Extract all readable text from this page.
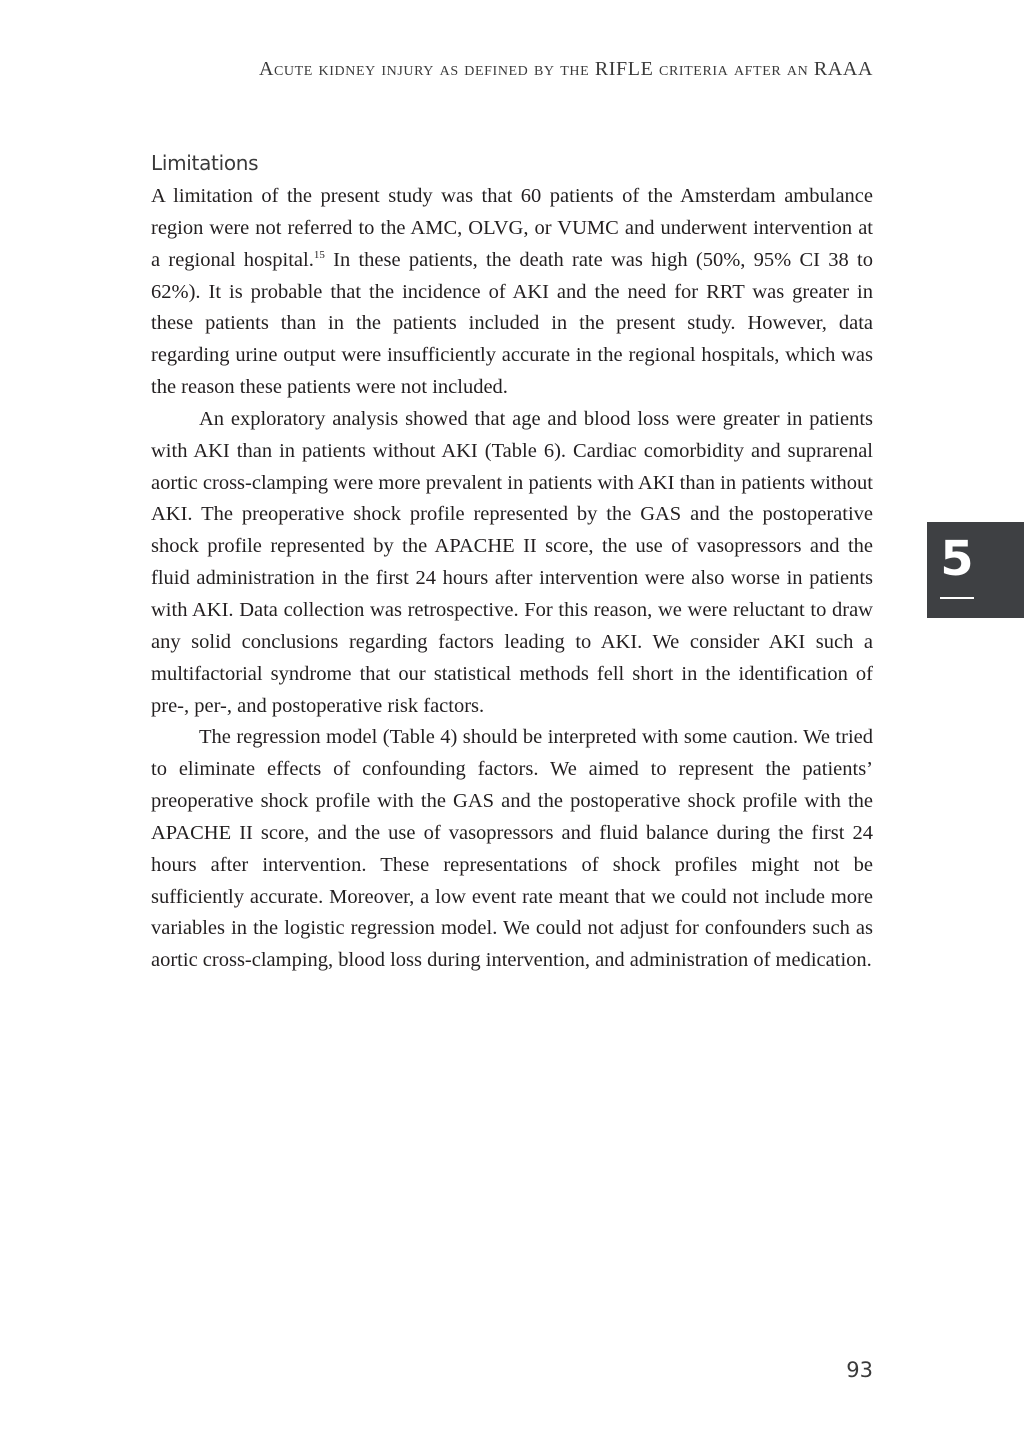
Acute kidney injury as defined by the RIFLE criteria after an RAAA
Limitations

A limitation of the present study was that 60 patients of the Amsterdam ambulance region were not referred to the AMC, OLVG, or VUMC and underwent intervention at a regional hospital.$^{15}$ In these patients, the death rate was high (50%, 95% CI 38 to 62%). It is probable that the incidence of AKI and the need for RRT was greater in these patients than in the patients included in the present study. However, data regarding urine output were insufficiently accurate in the regional hospitals, which was the reason these patients were not included.

An exploratory analysis showed that age and blood loss were greater in patients with AKI than in patients without AKI (Table 6). Cardiac comorbidity and suprarenal aortic cross-clamping were more prevalent in patients with AKI than in patients without AKI. The preoperative shock profile represented by the GAS and the postoperative shock profile represented by the APACHE II score, the use of vasopressors and the fluid administration in the first 24 hours after intervention were also worse in patients with AKI. Data collection was retrospective. For this reason, we were reluctant to draw any solid conclusions regarding factors leading to AKI. We consider AKI such a multifactorial syndrome that our statistical methods fell short in the identification of pre-, per-, and postoperative risk factors.

The regression model (Table 4) should be interpreted with some caution. We tried to eliminate effects of confounding factors. We aimed to represent the patients’ preoperative shock profile with the GAS and the postoperative shock profile with the APACHE II score, and the use of vasopressors and fluid balance during the first 24 hours after intervention. These representations of shock profiles might not be sufficiently accurate. Moreover, a low event rate meant that we could not include more variables in the logistic regression model. We could not adjust for confounders such as aortic cross-clamping, blood loss during intervention, and administration of medication.

5
93
